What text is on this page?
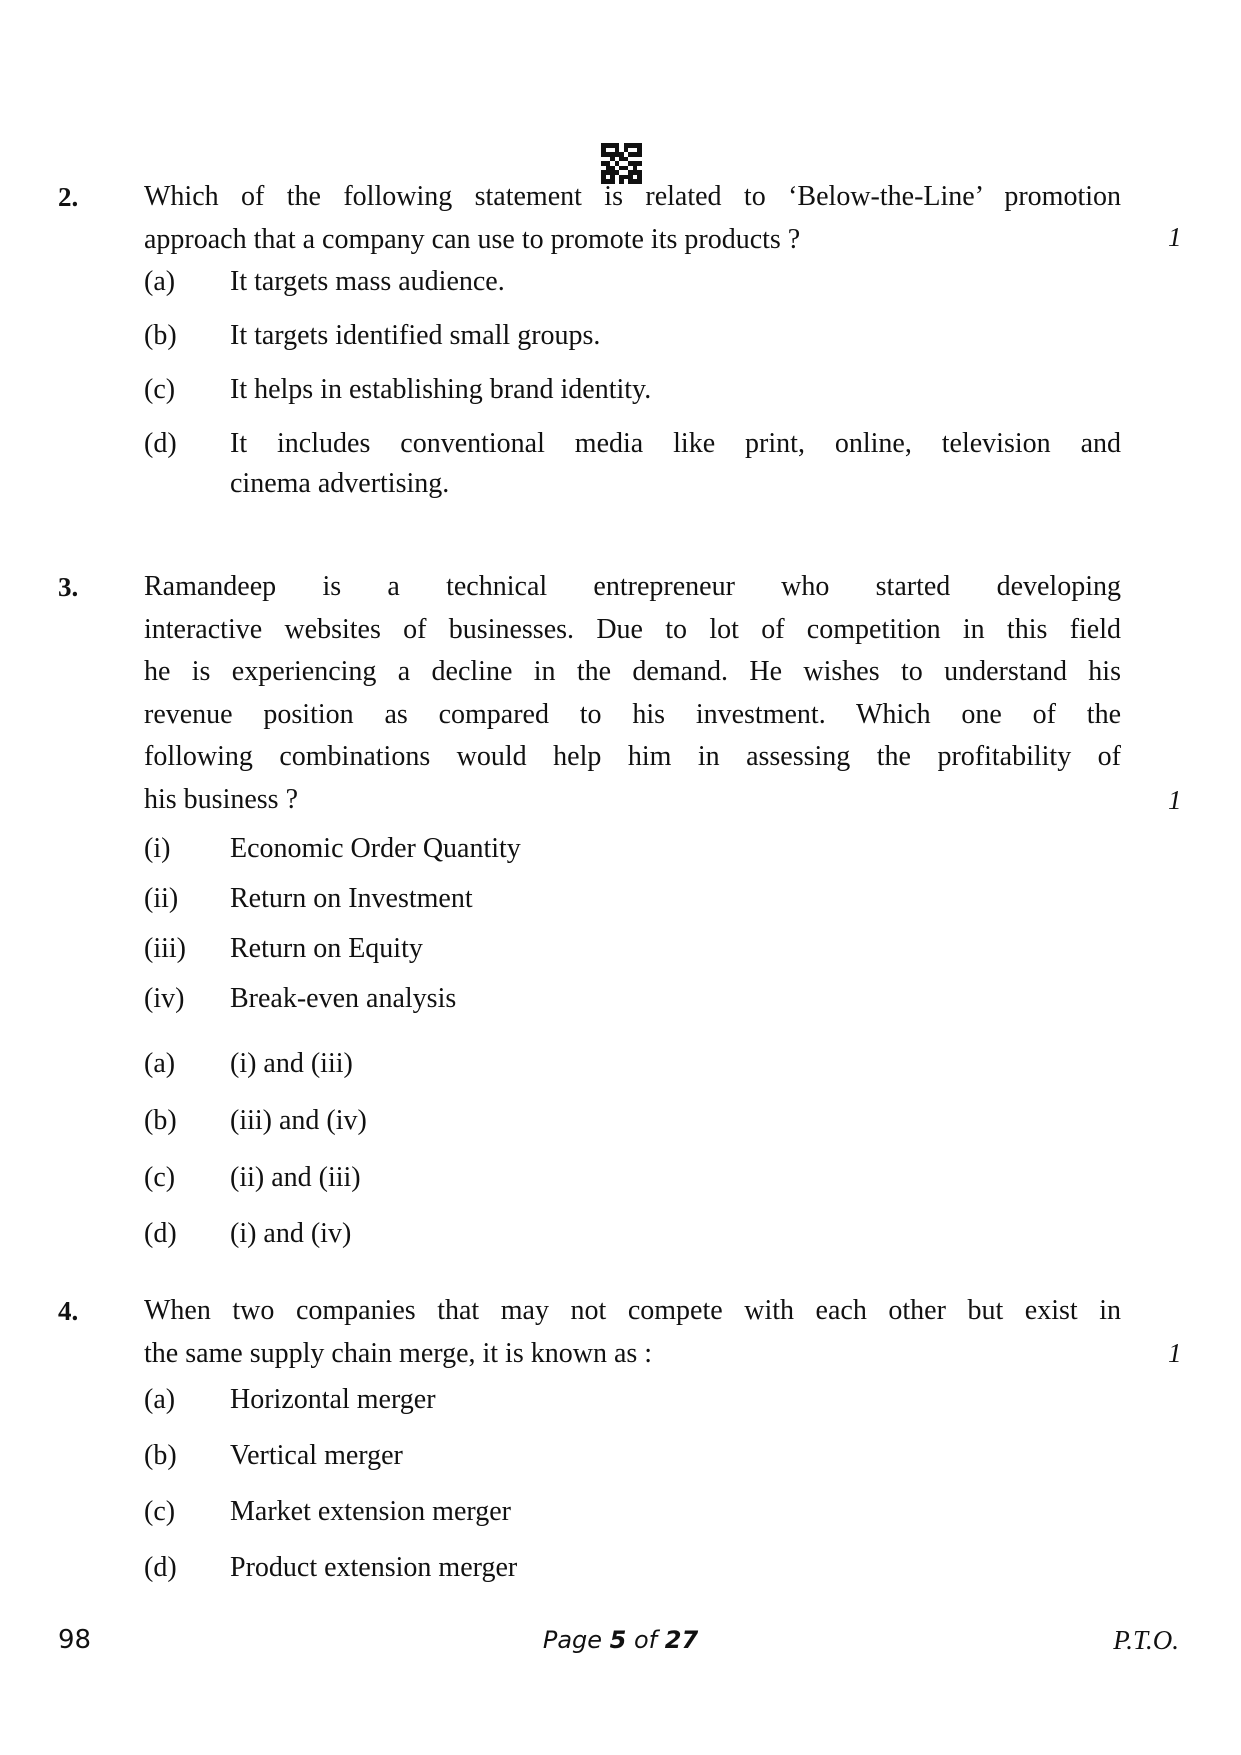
2. Which of the following statement is related to ‘Below-the-Line’ promotion
approach that a company can use to promote its products ?	1
(a) It targets mass audience.
(b) It targets identified small groups.
(c) It helps in establishing brand identity.
(d) It includes conventional media like print, online, television and
cinema advertising.
3. Ramandeep is a technical entrepreneur who started developing
interactive websites of businesses. Due to lot of competition in this field
he is experiencing a decline in the demand. He wishes to understand his
revenue position as compared to his investment. Which one of the
following combinations would help him in assessing the profitability of
his business ?	1
(i) Economic Order Quantity
(ii) Return on Investment
(iii) Return on Equity
(iv) Break-even analysis
(a) (i) and (iii)
(b) (iii) and (iv)
(c) (ii) and (iii)
(d) (i) and (iv)
4. When two companies that may not compete with each other but exist in
the same supply chain merge, it is known as :	1
(a) Horizontal merger
(b) Vertical merger
(c) Market extension merger
(d) Product extension merger
98	Page 5 of 27	P.T.O.
